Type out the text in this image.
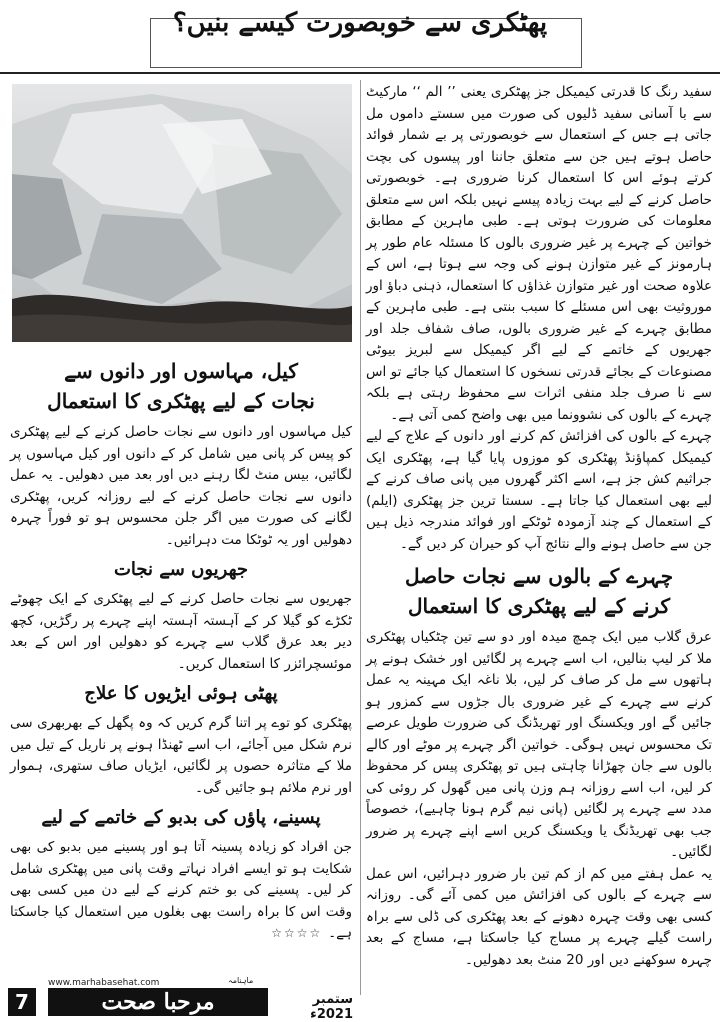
پھٹکری سے خوبصورت کیسے بنیں؟

سفید رنگ کا قدرتی کیمیکل جز پھٹکری یعنی ’’ الم ‘‘ مارکیٹ سے با آسانی سفید ڈلیوں کی صورت میں سستے داموں مل جاتی ہے جس کے استعمال سے خوبصورتی پر بے شمار فوائد حاصل ہوتے ہیں جن سے متعلق جاننا اور پیسوں کی بچت کرتے ہوئے اس کا استعمال کرنا ضروری ہے۔ خوبصورتی حاصل کرنے کے لیے بہت زیادہ پیسے نہیں بلکہ اس سے متعلق معلومات کی ضرورت ہوتی ہے۔ طبی ماہرین کے مطابق خواتین کے چہرے پر غیر ضروری بالوں کا مسئلہ عام طور پر ہارمونز کے غیر متوازن ہونے کی وجہ سے ہوتا ہے، اس کے علاوہ صحت اور غیر متوازن غذاؤں کا استعمال، ذہنی دباؤ اور موروثیت بھی اس مسئلے کا سبب بنتی ہے۔ طبی ماہرین کے مطابق چہرے کے غیر ضروری بالوں، صاف شفاف جلد اور جھریوں کے خاتمے کے لیے اگر کیمیکل سے لبریز بیوٹی مصنوعات کے بجائے قدرتی نسخوں کا استعمال کیا جائے تو اس سے نا صرف جلد منفی اثرات سے محفوظ رہتی ہے بلکہ چہرے کے بالوں کی نشوونما میں بھی واضح کمی آتی ہے۔

چہرے کے بالوں کی افزائش کم کرنے اور دانوں کے علاج کے لیے کیمیکل کمپاؤنڈ پھٹکری کو موزوں پایا گیا ہے، پھٹکری ایک جراثیم کش جز ہے، اسے اکثر گھروں میں پانی صاف کرنے کے لیے بھی استعمال کیا جاتا ہے۔ سستا ترین جز پھٹکری (ایلم) کے استعمال کے چند آزمودہ ٹوٹکے اور فوائد مندرجہ ذیل ہیں جن سے حاصل ہونے والے نتائج آپ کو حیران کر دیں گے۔

چہرے کے بالوں سے نجات حاصل
کرنے کے لیے پھٹکری کا استعمال

عرق گلاب میں ایک چمچ میدہ اور دو سے تین چٹکیاں پھٹکری ملا کر لیپ بنالیں، اب اسے چہرے پر لگائیں اور خشک ہونے پر ہاتھوں سے مل کر صاف کر لیں، بلا ناغہ ایک مہینہ یہ عمل کرنے سے چہرے کے غیر ضروری بال جڑوں سے کمزور ہو جائیں گے اور ویکسنگ اور تھریڈنگ کی ضرورت طویل عرصے تک محسوس نہیں ہوگی۔ خواتین اگر چہرے پر موٹے اور کالے بالوں سے جان چھڑانا چاہتی ہیں تو پھٹکری پیس کر محفوظ کر لیں، اب اسے روزانہ ہم وزن پانی میں گھول کر روئی کی مدد سے چہرے پر لگائیں (پانی نیم گرم ہونا چاہیے)، خصوصاً جب بھی تھریڈنگ یا ویکسنگ کریں اسے اپنے چہرے پر ضرور لگائیں۔

یہ عمل ہفتے میں کم از کم تین بار ضرور دہرائیں، اس عمل سے چہرے کے بالوں کی افزائش میں کمی آئے گی۔ روزانہ کسی بھی وقت چہرہ دھونے کے بعد پھٹکری کی ڈلی سے براہ راست گیلے چہرے پر مساج کیا جاسکتا ہے، مساج کے بعد چہرہ سوکھنے دیں اور 20 منٹ بعد دھولیں۔

کیل، مہاسوں اور دانوں سے
نجات کے لیے پھٹکری کا استعمال

کیل مہاسوں اور دانوں سے نجات حاصل کرنے کے لیے پھٹکری کو پیس کر پانی میں شامل کر کے دانوں اور کیل مہاسوں پر لگائیں، بیس منٹ لگا رہنے دیں اور بعد میں دھولیں۔ یہ عمل دانوں سے نجات حاصل کرنے کے لیے روزانہ کریں، پھٹکری لگانے کی صورت میں اگر جلن محسوس ہو تو فوراً چہرہ دھولیں اور یہ ٹوٹکا مت دہرائیں۔

جھریوں سے نجات

جھریوں سے نجات حاصل کرنے کے لیے پھٹکری کے ایک چھوٹے ٹکڑے کو گیلا کر کے آہستہ آہستہ اپنے چہرے پر رگڑیں، کچھ دیر بعد عرق گلاب سے چہرے کو دھولیں اور اس کے بعد موئسچرائزر کا استعمال کریں۔

پھٹی ہوئی ایڑیوں کا علاج

پھٹکری کو توے پر اتنا گرم کریں کہ وہ پگھل کے بھربھری سی نرم شکل میں آجائے، اب اسے ٹھنڈا ہونے پر ناریل کے تیل میں ملا کے متاثرہ حصوں پر لگائیں، ایڑیاں صاف ستھری، ہموار اور نرم ملائم ہو جائیں گی۔

پسینے، پاؤں کی بدبو کے خاتمے کے لیے

جن افراد کو زیادہ پسینہ آتا ہو اور پسینے میں بدبو کی بھی شکایت ہو تو ایسے افراد نہاتے وقت پانی میں پھٹکری شامل کر لیں۔ پسینے کی بو ختم کرنے کے لیے دن میں کسی بھی وقت اس کا براہ راست بھی بغلوں میں استعمال کیا جاسکتا ہے۔☆☆☆☆

7
www.marhabasehat.com
مرحبا صحت
ماہنامہ
ستمبر 2021ء
